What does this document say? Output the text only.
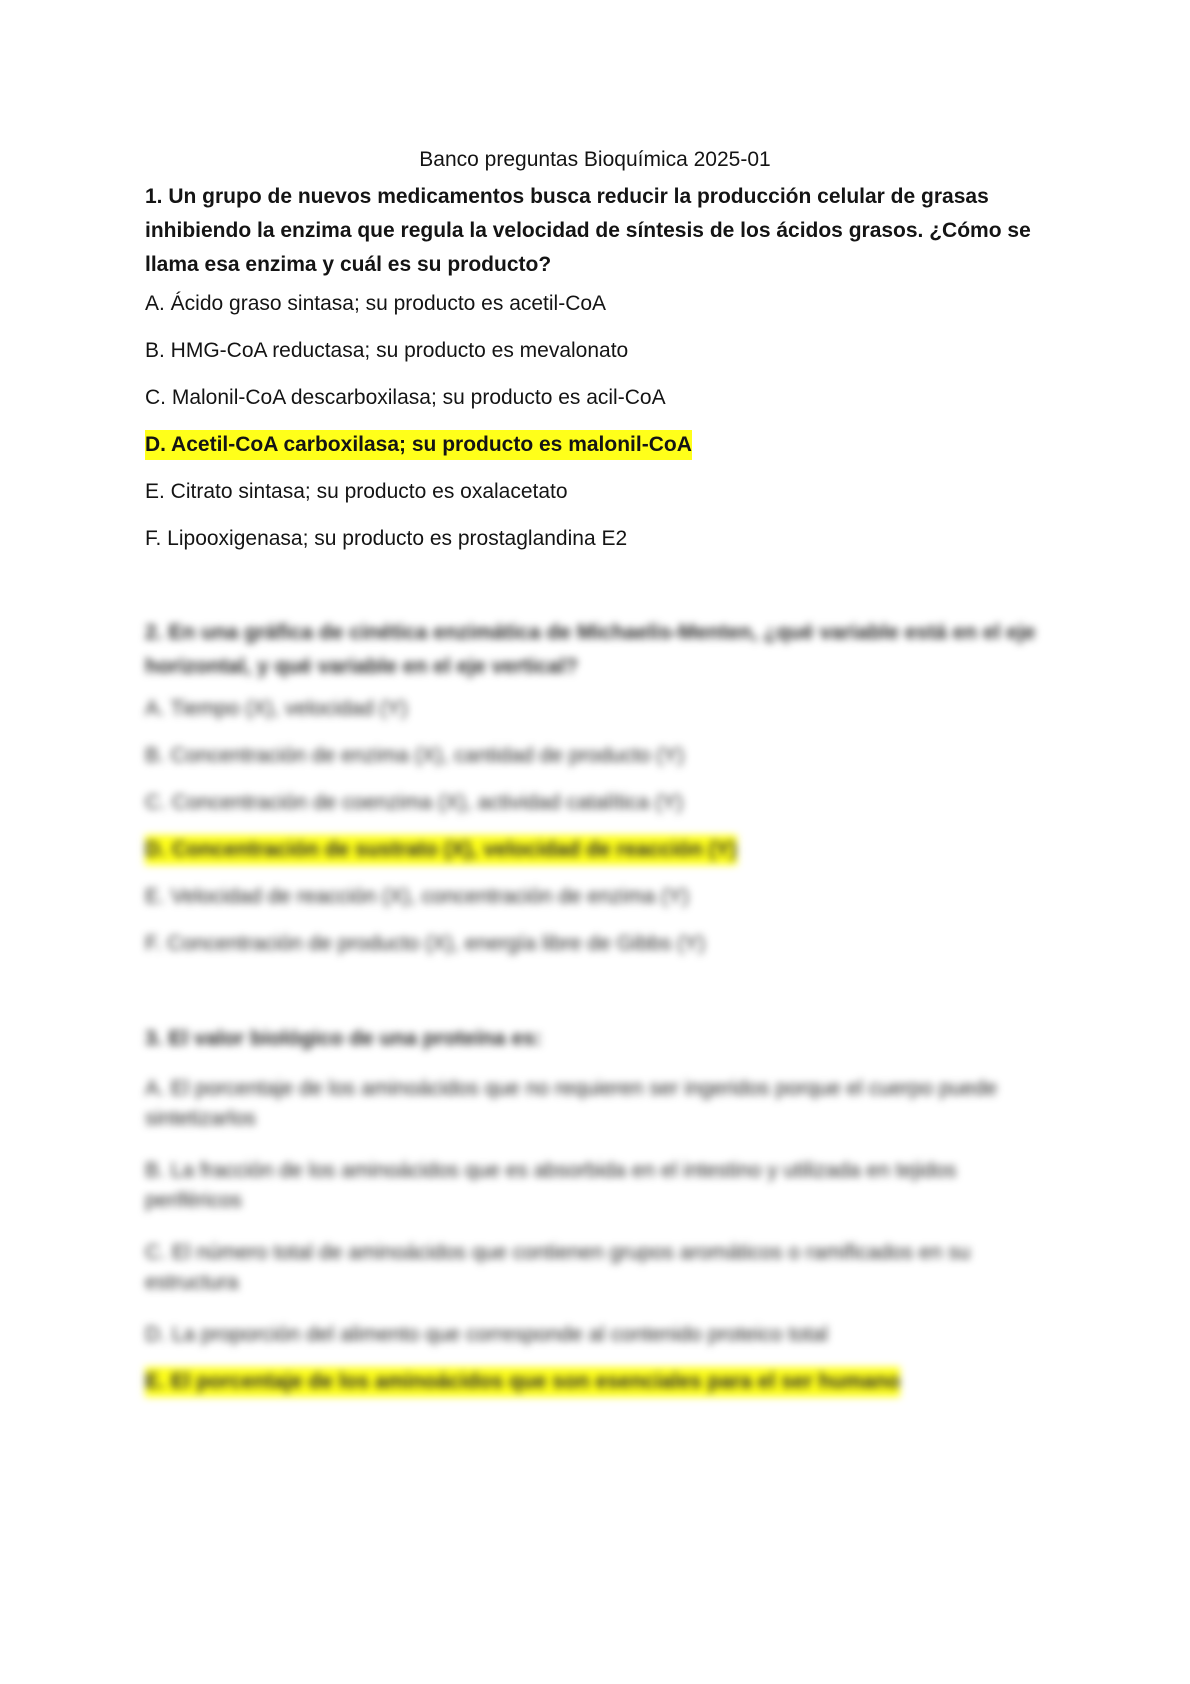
Banco preguntas Bioquímica 2025-01

1. Un grupo de nuevos medicamentos busca reducir la producción celular de grasas inhibiendo la enzima que regula la velocidad de síntesis de los ácidos grasos. ¿Cómo se llama esa enzima y cuál es su producto?

A. Ácido graso sintasa; su producto es acetil-CoA

B. HMG-CoA reductasa; su producto es mevalonato

C. Malonil-CoA descarboxilasa; su producto es acil-CoA

D. Acetil-CoA carboxilasa; su producto es malonil-CoA

E. Citrato sintasa; su producto es oxalacetato

F. Lipooxigenasa; su producto es prostaglandina E2

2. En una gráfica de cinética enzimática de Michaelis-Menten, ¿qué variable está en el eje horizontal, y qué variable en el eje vertical?

A. Tiempo (X), velocidad (Y)

B. Concentración de enzima (X), cantidad de producto (Y)

C. Concentración de coenzima (X), actividad catalítica (Y)

D. Concentración de sustrato (X), velocidad de reacción (Y)

E. Velocidad de reacción (X), concentración de enzima (Y)

F. Concentración de producto (X), energía libre de Gibbs (Y)

3. El valor biológico de una proteína es:

A. El porcentaje de los aminoácidos que no requieren ser ingeridos porque el cuerpo puede sintetizarlos

B. La fracción de los aminoácidos que es absorbida en el intestino y utilizada en tejidos periféricos

C. El número total de aminoácidos que contienen grupos aromáticos o ramificados en su estructura

D. La proporción del alimento que corresponde al contenido proteico total

E. El porcentaje de los aminoácidos que son esenciales para el ser humano
